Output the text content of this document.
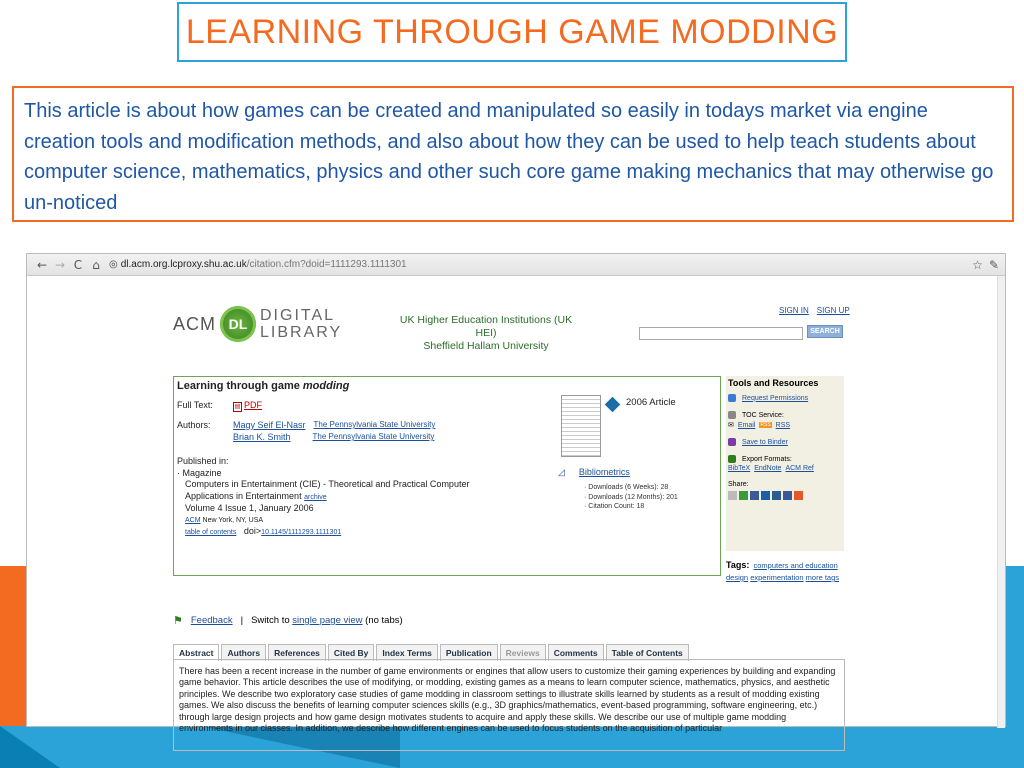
LEARNING THROUGH GAME MODDING

This article is about how games can be created and manipulated so easily in todays market via engine creation tools and modification methods, and also about how they can be used to help teach students about computer science, mathematics, physics and other such core game making mechanics that may otherwise go un-noticed

← → C ⌂ ◎ dl.acm.org.lcproxy.shu.ac.uk /citation.cfm?doid=1111293.1111301	☆ ✎
ACM DL DIGITAL
LIBRARY
UK Higher Education Institutions (UK HEI)
Sheffield Hallam University
SIGN IN SIGN UP
SEARCH
Learning through game modding
Full Text:	▤ PDF
Authors:	Magy Seif El-Nasr The Pennsylvania State University
Brian K. Smith	The Pennsylvania State University
Published in:
· Magazine
Computers in Entertainment (CIE) - Theoretical and Practical Computer
Applications in Entertainment archive
Volume 4 Issue 1, January 2006
ACM New York, NY, USA
table of contents doi>10.1145/1111293.1111301
2006 Article
◿ Bibliometrics
· Downloads (6 Weeks): 28
· Downloads (12 Months): 201
· Citation Count: 18
Tools and Resources
Request Permissions
TOC Service:
✉ Email RSS RSS
Save to Binder
Export Formats:
BibTeX EndNote ACM Ref
Share:
Tags: computers and education design experimentation more tags
⚑ Feedback | Switch to single page view (no tabs)
Abstract	Authors	References	Cited By	Index Terms	Publication	Reviews	Comments	Table of Contents
There has been a recent increase in the number of game environments or engines that allow users to customize their gaming experiences by building and expanding game behavior. This article describes the use of modifying, or modding, existing games as a means to learn computer science, mathematics, physics, and aesthetic principles. We describe two exploratory case studies of game modding in classroom settings to illustrate skills learned by students as a result of modding existing games. We also discuss the benefits of learning computer sciences skills (e.g., 3D graphics/mathematics, event-based programming, software engineering, etc.) through large design projects and how game design motivates students to acquire and apply these skills. We describe our use of multiple game modding environments in our classes. In addition, we describe how different engines can be used to focus students on the acquisition of particular
